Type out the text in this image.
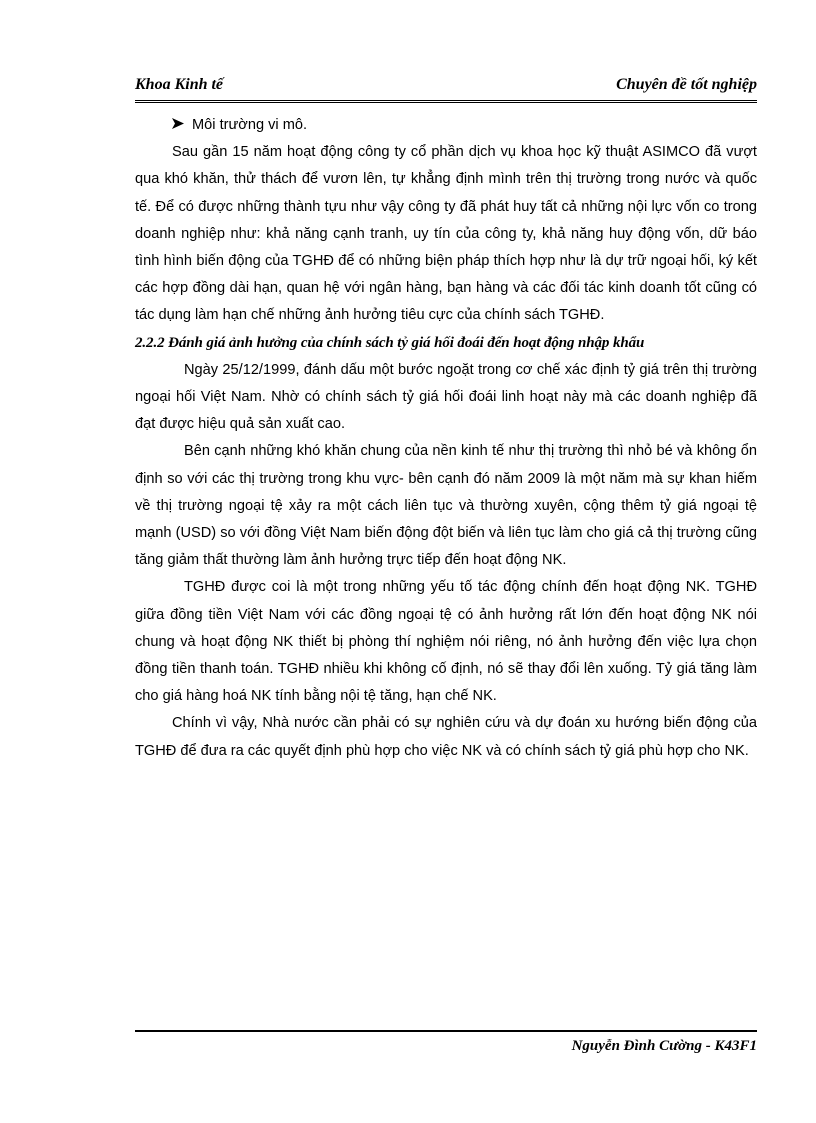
Khoa Kinh tế	Chuyên đề tốt nghiệp

Môi trường vi mô.

Sau gần 15 năm hoạt động công ty cổ phần dịch vụ khoa học kỹ thuật ASIMCO đã vượt qua khó khăn, thử thách để vươn lên, tự khẳng định mình trên thị trường trong nước và quốc tế. Để có được những thành tựu như vậy công ty đã phát huy tất cả những nội lực vốn co trong doanh nghiệp như: khả năng cạnh tranh, uy tín của công ty, khả năng huy động vốn, dữ báo tình hình biến động của TGHĐ để có những biện pháp thích hợp như là dự trữ ngoại hối, ký kết các hợp đồng dài hạn, quan hệ với ngân hàng, bạn hàng và các đối tác kinh doanh tốt cũng có tác dụng làm hạn chế những ảnh hưởng tiêu cực của chính sách TGHĐ.

2.2.2 Đánh giá ảnh hưởng của chính sách tỷ giá hối đoái đến hoạt động nhập khẩu

Ngày 25/12/1999, đánh dấu một bước ngoặt trong cơ chế xác định tỷ giá trên thị trường ngoại hối Việt Nam. Nhờ có chính sách tỷ giá hối đoái linh hoạt này mà các doanh nghiệp đã đạt được hiệu quả sản xuất cao.

Bên cạnh những khó khăn chung của nền kinh tế như thị trường thì nhỏ bé và không ổn định so với các thị trường trong khu vực- bên cạnh đó năm 2009 là một năm mà sự khan hiếm về thị trường ngoại tệ xảy ra một cách liên tục và thường xuyên, cộng thêm tỷ giá ngoại tệ mạnh (USD) so với đồng Việt Nam biến động đột biến và liên tục làm cho giá cả thị trường cũng tăng giảm thất thường làm ảnh hưởng trực tiếp đến hoạt động NK.

TGHĐ được coi là một trong những yếu tố tác động chính đến hoạt động NK. TGHĐ giữa đồng tiền Việt Nam với các đồng ngoại tệ có ảnh hưởng rất lớn đến hoạt động NK nói chung và hoạt động NK thiết bị phòng thí nghiệm nói riêng, nó ảnh hưởng đến việc lựa chọn đồng tiền thanh toán. TGHĐ nhiều khi không cố định, nó sẽ thay đổi lên xuống. Tỷ giá tăng làm cho giá hàng hoá NK tính bằng nội tệ tăng, hạn chế NK.

Chính vì vậy, Nhà nước cần phải có sự nghiên cứu và dự đoán xu hướng biến động của TGHĐ để đưa ra các quyết định phù hợp cho việc NK và có chính sách tỷ giá phù hợp cho NK.

Nguyễn Đình Cường - K43F1
